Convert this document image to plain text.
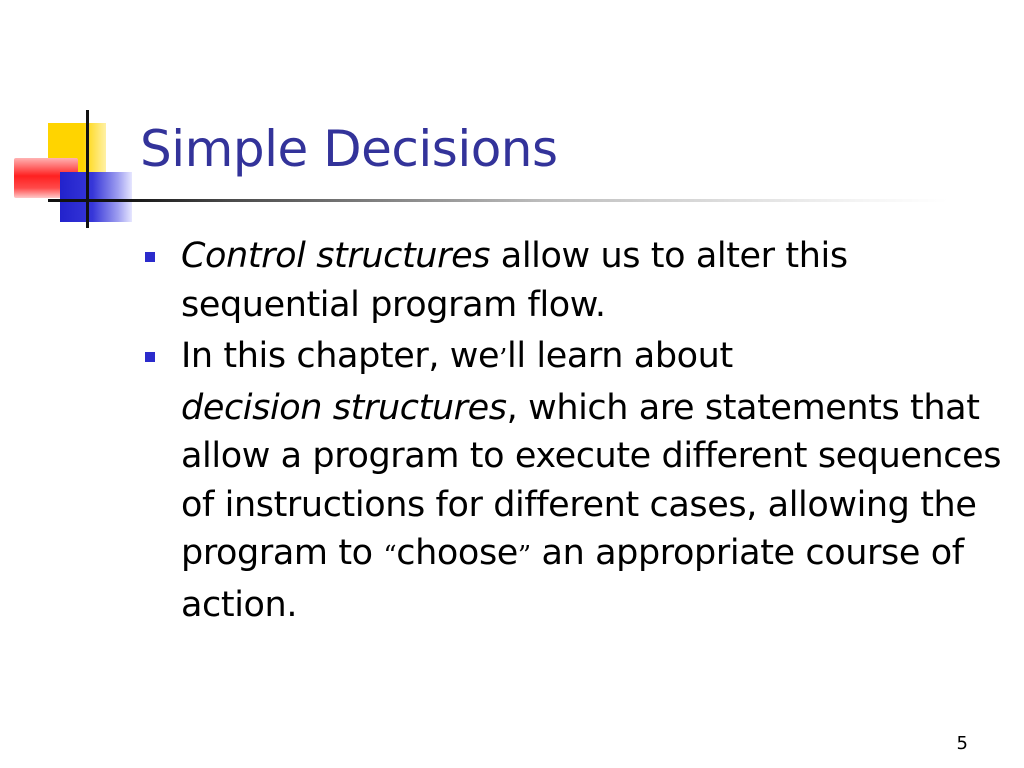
Simple Decisions
Control structures allow us to alter this sequential program flow.
In this chapter, we’ll learn about
decision structures, which are statements that allow a program to execute different sequences of instructions for different cases, allowing the program to “choose” an appropriate course of action.
5
